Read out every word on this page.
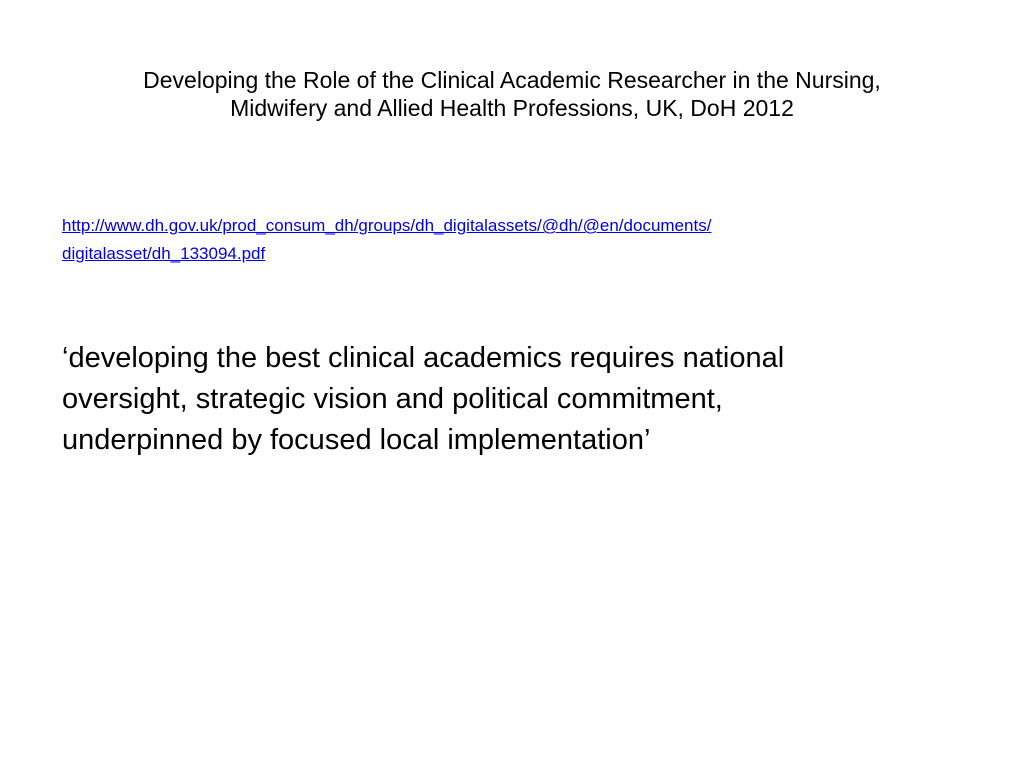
Developing the Role of the Clinical Academic Researcher in the Nursing,
Midwifery and Allied Health Professions, UK, DoH 2012
http://www.dh.gov.uk/prod_consum_dh/groups/dh_digitalassets/@dh/@en/documents/
digitalasset/dh_133094.pdf

‘developing the best clinical academics requires national
oversight, strategic vision and political commitment,
underpinned by focused local implementation’
